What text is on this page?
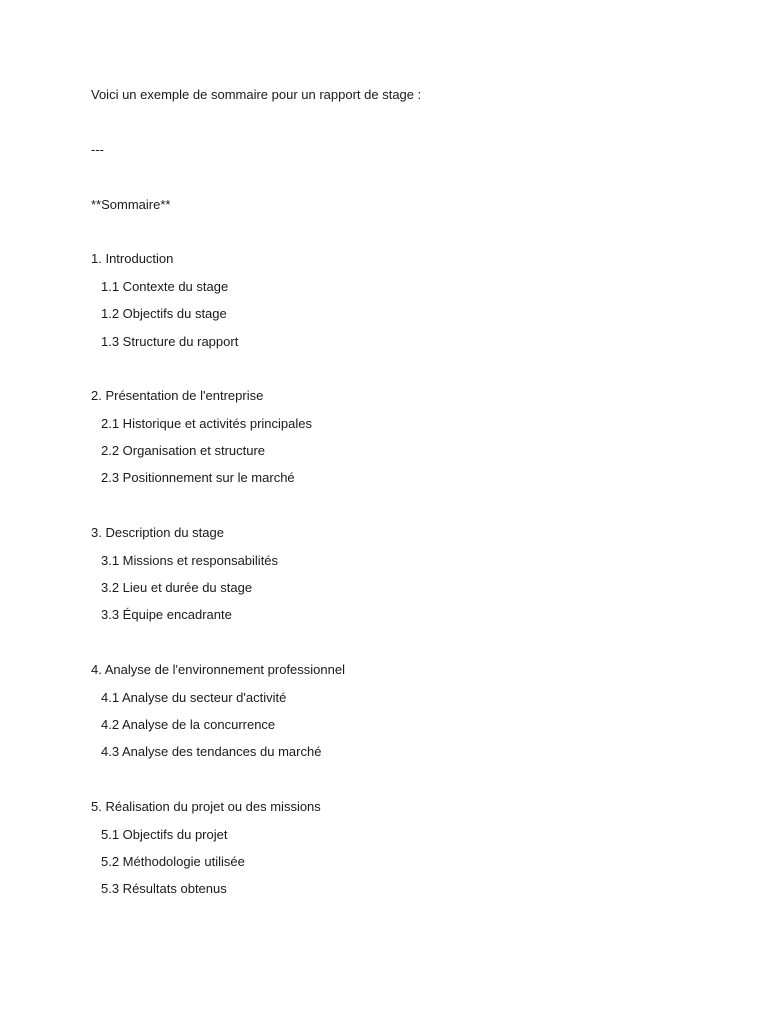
Voici un exemple de sommaire pour un rapport de stage :
---
**Sommaire**
1. Introduction
1.1 Contexte du stage
1.2 Objectifs du stage
1.3 Structure du rapport
2. Présentation de l'entreprise
2.1 Historique et activités principales
2.2 Organisation et structure
2.3 Positionnement sur le marché
3. Description du stage
3.1 Missions et responsabilités
3.2 Lieu et durée du stage
3.3 Équipe encadrante
4. Analyse de l'environnement professionnel
4.1 Analyse du secteur d'activité
4.2 Analyse de la concurrence
4.3 Analyse des tendances du marché
5. Réalisation du projet ou des missions
5.1 Objectifs du projet
5.2 Méthodologie utilisée
5.3 Résultats obtenus
